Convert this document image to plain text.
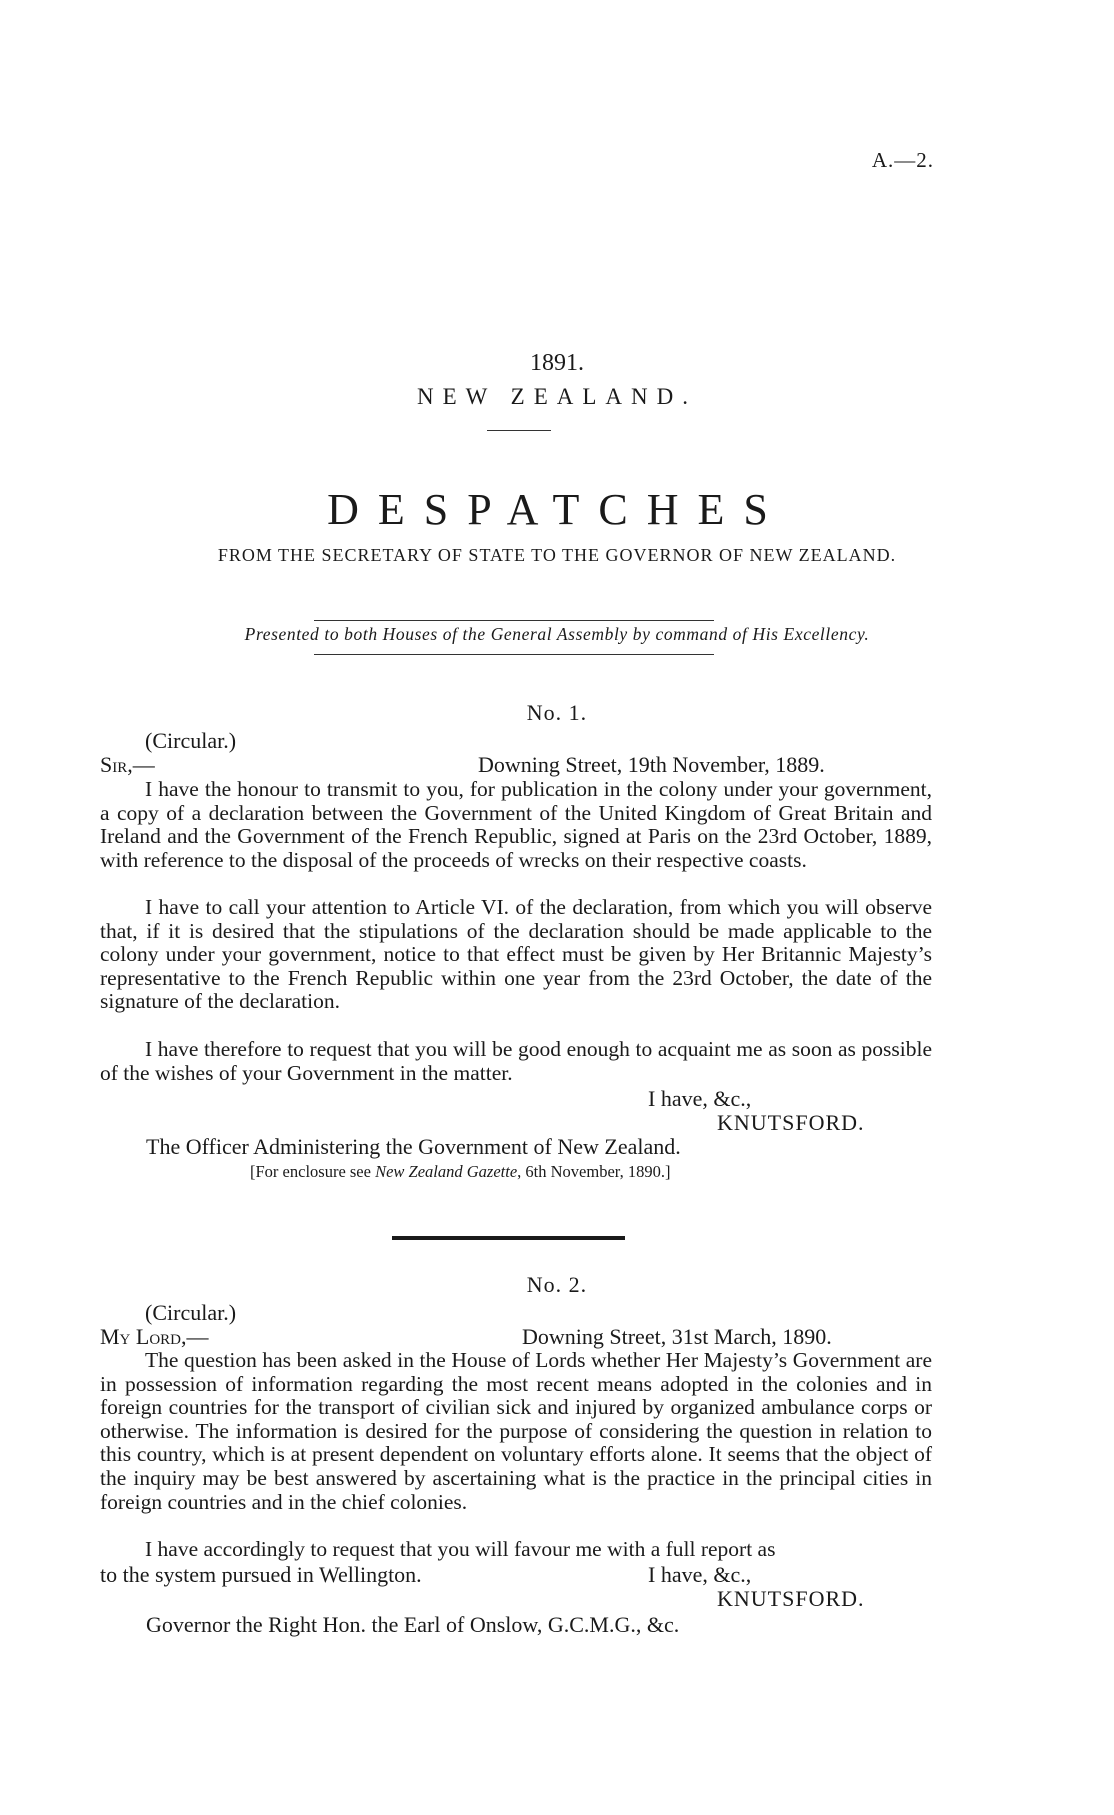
A.—2.
1891.
NEW ZEALAND.
DESPATCHES
FROM THE SECRETARY OF STATE TO THE GOVERNOR OF NEW ZEALAND.
Presented to both Houses of the General Assembly by command of His Excellency.
No. 1.
(Circular.)
Sir,—	Downing Street, 19th November, 1889.

I have the honour to transmit to you, for publication in the colony under your government, a copy of a declaration between the Government of the United Kingdom of Great Britain and Ireland and the Government of the French Republic, signed at Paris on the 23rd October, 1889, with reference to the disposal of the proceeds of wrecks on their respective coasts.

I have to call your attention to Article VI. of the declaration, from which you will observe that, if it is desired that the stipulations of the declaration should be made applicable to the colony under your government, notice to that effect must be given by Her Britannic Majesty’s representative to the French Republic within one year from the 23rd October, the date of the signature of the declaration.

I have therefore to request that you will be good enough to acquaint me as soon as possible of the wishes of your Government in the matter.

I have, &c.,
KNUTSFORD.
The Officer Administering the Government of New Zealand.
[For enclosure see New Zealand Gazette, 6th November, 1890.]
No. 2.
(Circular.)
My Lord,—	Downing Street, 31st March, 1890.

The question has been asked in the House of Lords whether Her Majesty’s Government are in possession of information regarding the most recent means adopted in the colonies and in foreign countries for the transport of civilian sick and injured by organized ambulance corps or otherwise. The information is desired for the purpose of considering the question in relation to this country, which is at present dependent on voluntary efforts alone. It seems that the object of the inquiry may be best answered by ascertaining what is the practice in the principal cities in foreign countries and in the chief colonies.

I have accordingly to request that you will favour me with a full report as

to the system pursued in Wellington.	I have, &c.,
KNUTSFORD.
Governor the Right Hon. the Earl of Onslow, G.C.M.G., &c.
